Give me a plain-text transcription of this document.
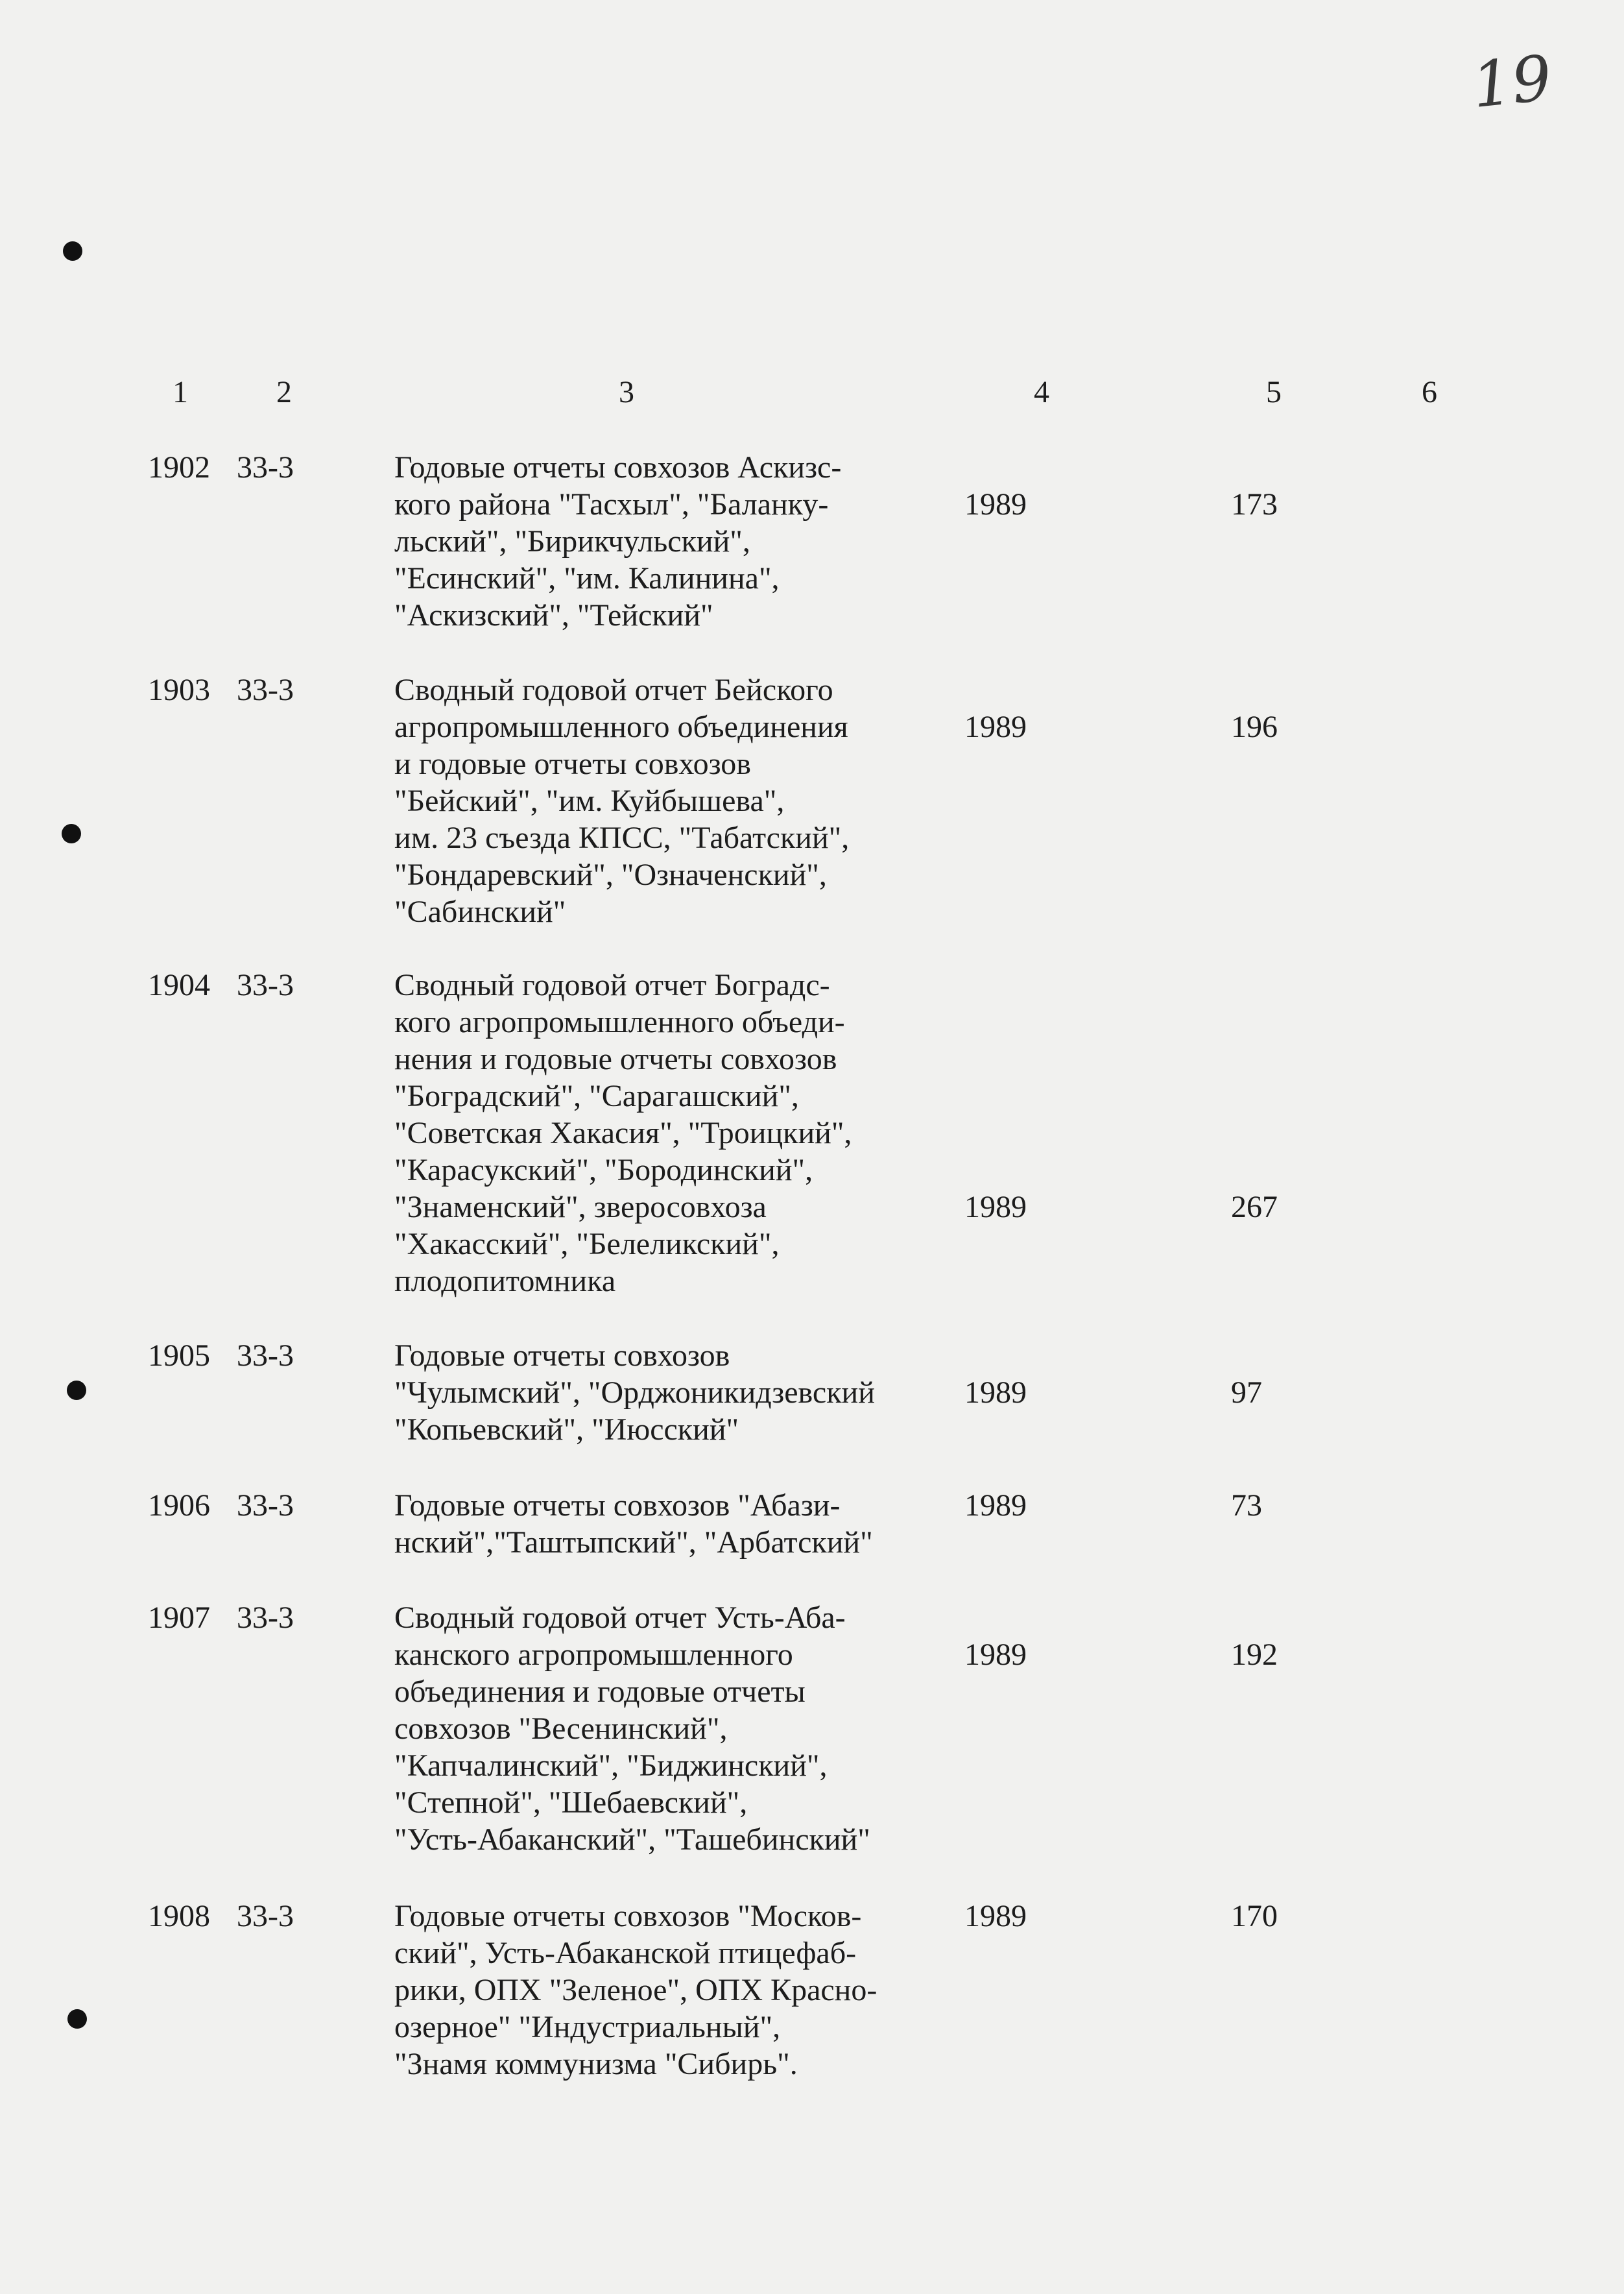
19
1	2	3	4	5	6
1902 33-3	Годовые отчеты совхозов Аскизс-
кого района "Тасхыл", "Баланку-
льский", "Бирикчульский",
"Есинский", "им. Калинина",
"Аскизский", "Тейский"
1989	173
1903 33-3	Сводный годовой отчет Бейского
агропромышленного объединения
и годовые отчеты совхозов
"Бейский", "им. Куйбышева",
им. 23 съезда КПСС, "Табатский",
"Бондаревский", "Означенский",
"Сабинский"
1989	196
1904 33-3	Сводный годовой отчет Боградс-
кого агропромышленного объеди-
нения и годовые отчеты совхозов
"Боградский", "Сарагашский",
"Советская Хакасия", "Троицкий",
"Карасукский", "Бородинский",
"Знаменский", зверосовхоза
"Хакасский", "Белеликский",
плодопитомника
1989	267
1905 33-3	Годовые отчеты совхозов
"Чулымский", "Орджоникидзевский
"Копьевский", "Июсский"
1989	97
1906 33-3	Годовые отчеты совхозов "Абази-
нский","Таштыпский", "Арбатский"
1989	73
1907 33-3	Сводный годовой отчет Усть-Аба-
канского агропромышленного
объединения и годовые отчеты
совхозов "Весенинский",
"Капчалинский", "Биджинский",
"Степной", "Шебаевский",
"Усть-Абаканский", "Ташебинский"
1989	192
1908 33-3	Годовые отчеты совхозов "Москов-
ский", Усть-Абаканской птицефаб-
рики, ОПХ "Зеленое", ОПХ Красно-
озерное" "Индустриальный",
"Знамя коммунизма "Сибирь".
1989	170
